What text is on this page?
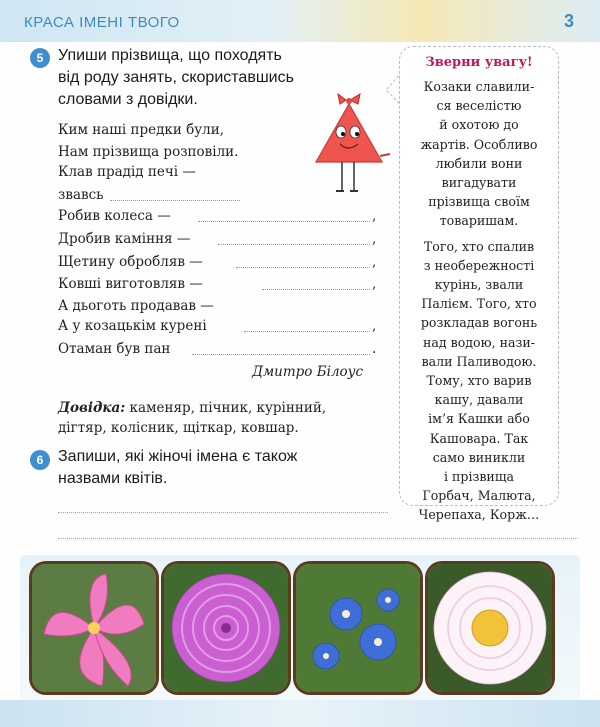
КРАСА ІМЕНІ ТВОГО	3
5 Упиши прізвища, що походять
від роду занять, скориставшись
словами з довідки.
Ким наші предки були,
Нам прізвища розповіли.
Клав прадід печі —
звавсь
Робив колеса —	,
Дробив каміння —	,
Щетину обробляв —	,
Ковші виготовляв —	,
А дьоготь продавав —
А у козацькім курені	,
Отаман був пан	.
Дмитро Білоус
Довідка: каменяр, пічник, курінний, дігтяр, колісник, щіткар, ковшар.
Зверни увагу!

Козаки славили-
ся веселістю
й охотою до
жартів. Особливо
любили вони
вигадувати
прізвища своїм
товаришам.

Того, хто спалив
з необережності
курінь, звали
Палієм. Того, хто
розкладав вогонь
над водою, нази-
вали Паливодою.
Тому, хто варив
кашу, давали
ім’я Кашки або
Кашовара. Так
само виникли
і прізвища
Горбач, Малюта,
Черепаха, Корж…

6 Запиши, які жіночі імена є також
назвами квітів.
